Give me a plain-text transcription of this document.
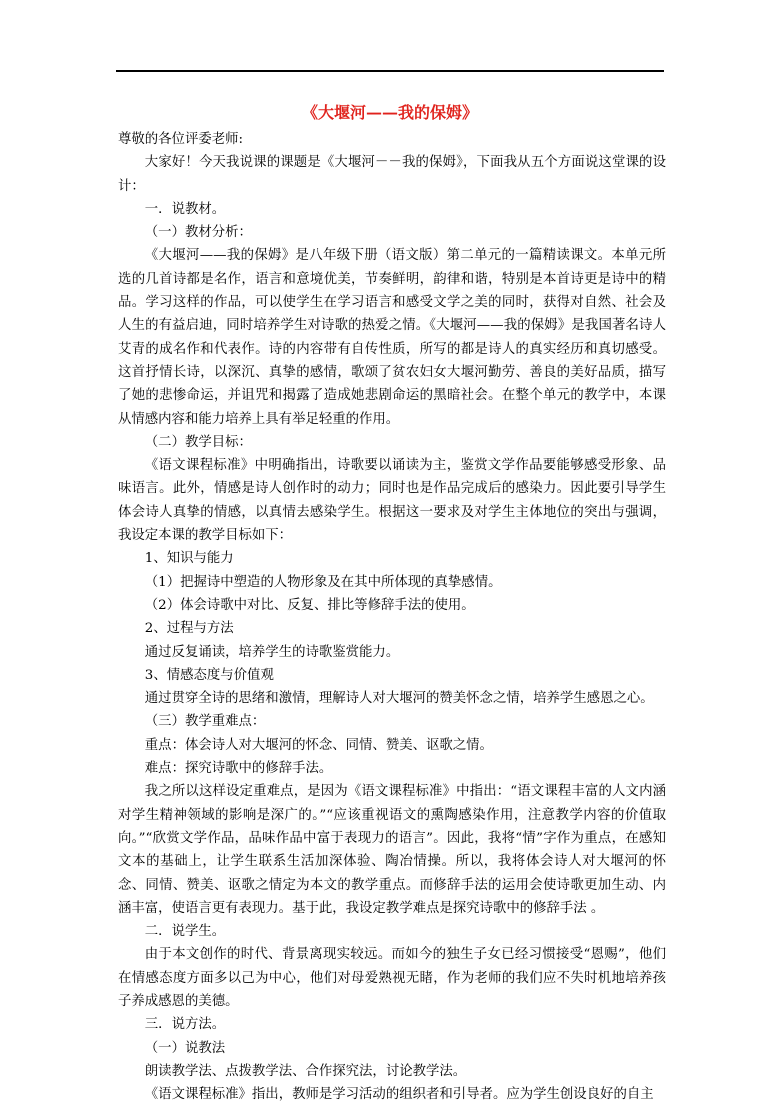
《大堰河——我的保姆》

尊敬的各位评委老师:

大家好！今天我说课的课题是《大堰河－－我的保姆》，下面我从五个方面说这堂课的设计：

一．说教材。

（一）教材分析：

《大堰河——我的保姆》是八年级下册（语文版）第二单元的一篇精读课文。本单元所选的几首诗都是名作，语言和意境优美，节奏鲜明，韵律和谐，特别是本首诗更是诗中的精品。学习这样的作品，可以使学生在学习语言和感受文学之美的同时，获得对自然、社会及人生的有益启迪，同时培养学生对诗歌的热爱之情。《大堰河——我的保姆》是我国著名诗人艾青的成名作和代表作。诗的内容带有自传性质，所写的都是诗人的真实经历和真切感受。这首抒情长诗，以深沉、真挚的感情，歌颂了贫农妇女大堰河勤劳、善良的美好品质，描写了她的悲惨命运，并诅咒和揭露了造成她悲剧命运的黑暗社会。在整个单元的教学中，本课从情感内容和能力培养上具有举足轻重的作用。

（二）教学目标：

《语文课程标准》中明确指出，诗歌要以诵读为主，鉴赏文学作品要能够感受形象、品味语言。此外，情感是诗人创作时的动力；同时也是作品完成后的感染力。因此要引导学生体会诗人真挚的情感，以真情去感染学生。根据这一要求及对学生主体地位的突出与强调，我设定本课的教学目标如下：

1、知识与能力

（1）把握诗中塑造的人物形象及在其中所体现的真挚感情。

（2）体会诗歌中对比、反复、排比等修辞手法的使用。

2、过程与方法

通过反复诵读，培养学生的诗歌鉴赏能力。

3、情感态度与价值观

通过贯穿全诗的思绪和激情，理解诗人对大堰河的赞美怀念之情，培养学生感恩之心。

（三）教学重难点：

重点：体会诗人对大堰河的怀念、同情、赞美、讴歌之情。

难点：探究诗歌中的修辞手法。

我之所以这样设定重难点，是因为《语文课程标准》中指出：“语文课程丰富的人文内涵对学生精神领域的影响是深广的。”“应该重视语文的熏陶感染作用，注意教学内容的价值取向。”“欣赏文学作品，品味作品中富于表现力的语言”。因此，我将“情”字作为重点，在感知文本的基础上，让学生联系生活加深体验、陶冶情操。所以，我将体会诗人对大堰河的怀念、同情、赞美、讴歌之情定为本文的教学重点。而修辞手法的运用会使诗歌更加生动、内涵丰富，使语言更有表现力。基于此，我设定教学难点是探究诗歌中的修辞手法 。

二．说学生。

由于本文创作的时代、背景离现实较远。而如今的独生子女已经习惯接受“恩赐”，他们在情感态度方面多以己为中心，他们对母爱熟视无睹，作为老师的我们应不失时机地培养孩子养成感恩的美德。

三．说方法。

（一）说教法

朗读教学法、点拨教学法、合作探究法，讨论教学法。

《语文课程标准》指出，教师是学习活动的组织者和引导者。应为学生创设良好的自主
